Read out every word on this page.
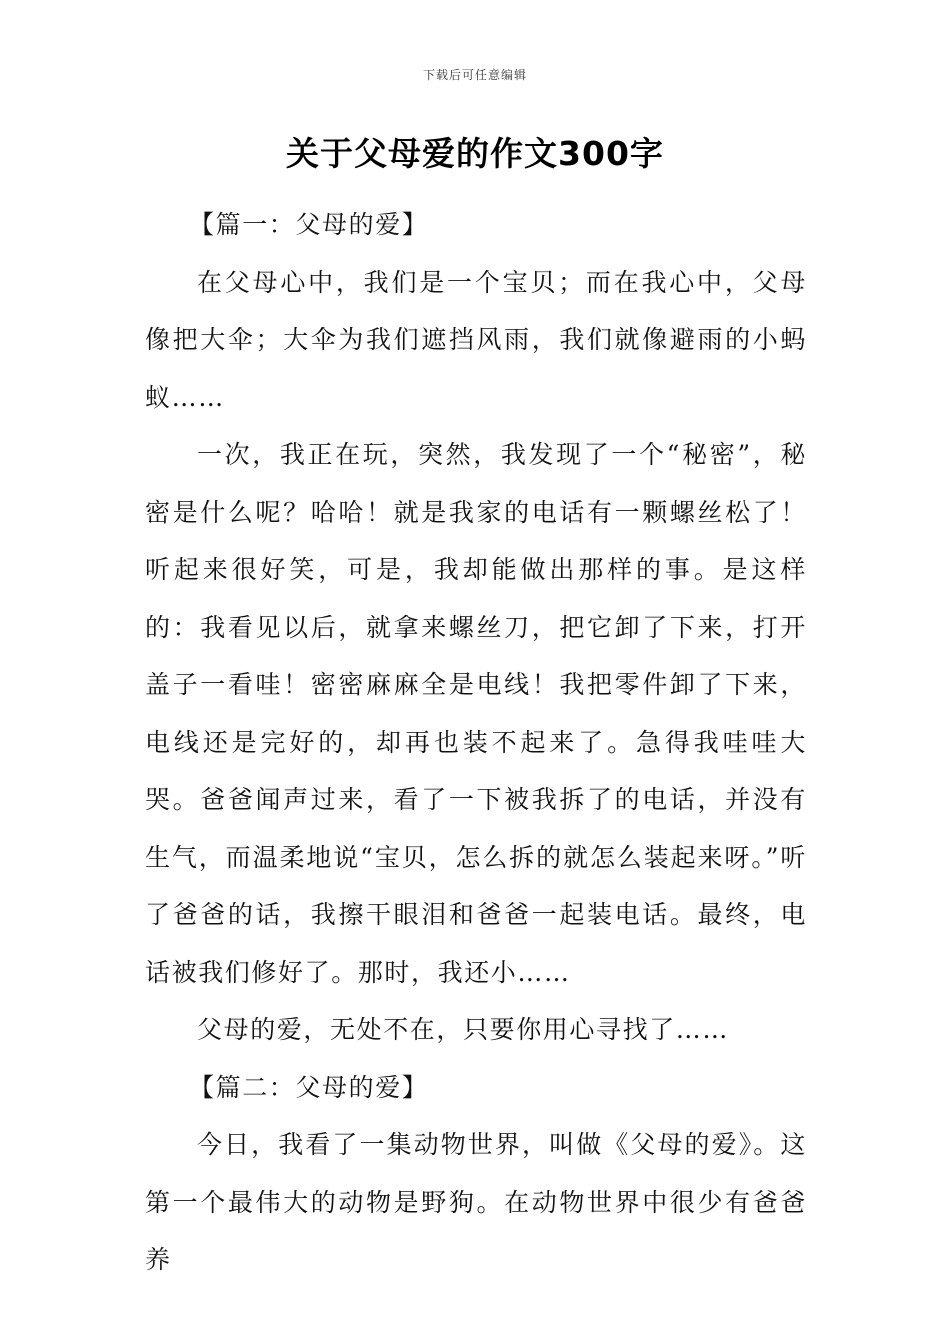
下载后可任意编辑
关于父母爱的作文300字

【篇一：父母的爱】

在父母心中，我们是一个宝贝；而在我心中，父母像把大伞；大伞为我们遮挡风雨，我们就像避雨的小蚂蚁……

一次，我正在玩，突然，我发现了一个“秘密”，秘密是什么呢？哈哈！就是我家的电话有一颗螺丝松了！听起来很好笑，可是，我却能做出那样的事。是这样的：我看见以后，就拿来螺丝刀，把它卸了下来，打开盖子一看哇！密密麻麻全是电线！我把零件卸了下来，电线还是完好的，却再也装不起来了。急得我哇哇大哭。爸爸闻声过来，看了一下被我拆了的电话，并没有生气，而温柔地说“宝贝，怎么拆的就怎么装起来呀。”听了爸爸的话，我擦干眼泪和爸爸一起装电话。最终，电话被我们修好了。那时，我还小……

父母的爱，无处不在，只要你用心寻找了……

【篇二：父母的爱】

今日，我看了一集动物世界，叫做《父母的爱》。这第一个最伟大的动物是野狗。在动物世界中很少有爸爸养
